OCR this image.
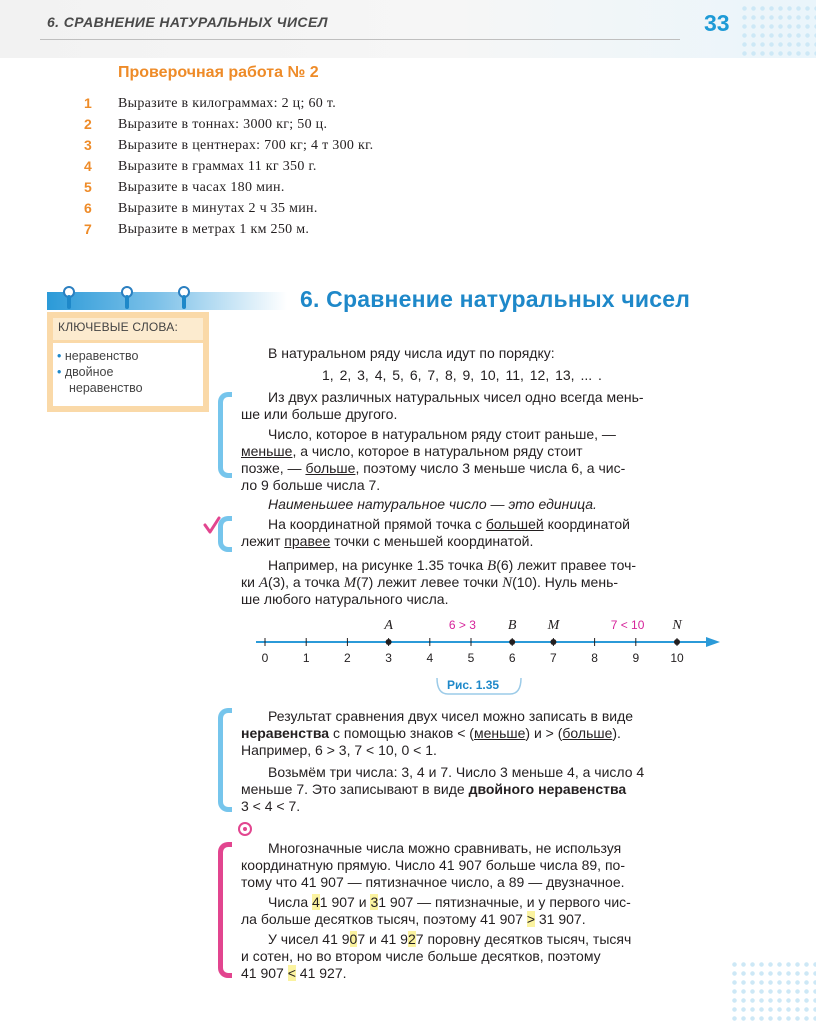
6. СРАВНЕНИЕ НАТУРАЛЬНЫХ ЧИСЕЛ	33
Проверочная работа № 2
1	Выразите в килограммах: 2 ц; 60 т.
2	Выразите в тоннах: 3000 кг; 50 ц.
3	Выразите в центнерах: 700 кг; 4 т 300 кг.
4	Выразите в граммах 11 кг 350 г.
5	Выразите в часах 180 мин.
6	Выразите в минутах 2 ч 35 мин.
7	Выразите в метрах 1 км 250 м.
КЛЮЧЕВЫЕ СЛОВА:
• неравенство
• двойное
неравенство
6. Сравнение натуральных чисел
В натуральном ряду числа идут по порядку:
1, 2, 3, 4, 5, 6, 7, 8, 9, 10, 11, 12, 13, ... .
Из двух различных натуральных чисел одно всегда мень-
ше или больше другого.
Число, которое в натуральном ряду стоит раньше, —
меньше, а число, которое в натуральном ряду стоит
позже, — больше, поэтому число 3 меньше числа 6, а чис-
ло 9 больше числа 7.
Наименьшее натуральное число — это единица.
На координатной прямой точка с большей координатой
лежит правее точки с меньшей координатой.
Например, на рисунке 1.35 точка B(6) лежит правее точ-
ки A(3), а точка M(7) лежит левее точки N(10). Нуль мень-
ше любого натурального числа.
0	1	2	3	4	5	6	7	8	9	10
A	B M	N
6 > 3	7 < 10
Рис. 1.35
Результат сравнения двух чисел можно записать в виде
неравенства с помощью знаков < (меньше) и > (больше).
Например, 6 > 3, 7 < 10, 0 < 1.
Возьмём три числа: 3, 4 и 7. Число 3 меньше 4, а число 4
меньше 7. Это записывают в виде двойного неравенства
3 < 4 < 7.
Многозначные числа можно сравнивать, не используя
координатную прямую. Число 41 907 больше числа 89, по-
тому что 41 907 — пятизначное число, а 89 — двузначное.
Числа 41 907 и 31 907 — пятизначные, и у первого чис-
ла больше десятков тысяч, поэтому 41 907 > 31 907.
У чисел 41 907 и 41 927 поровну десятков тысяч, тысяч
и сотен, но во втором числе больше десятков, поэтому
41 907 < 41 927.
